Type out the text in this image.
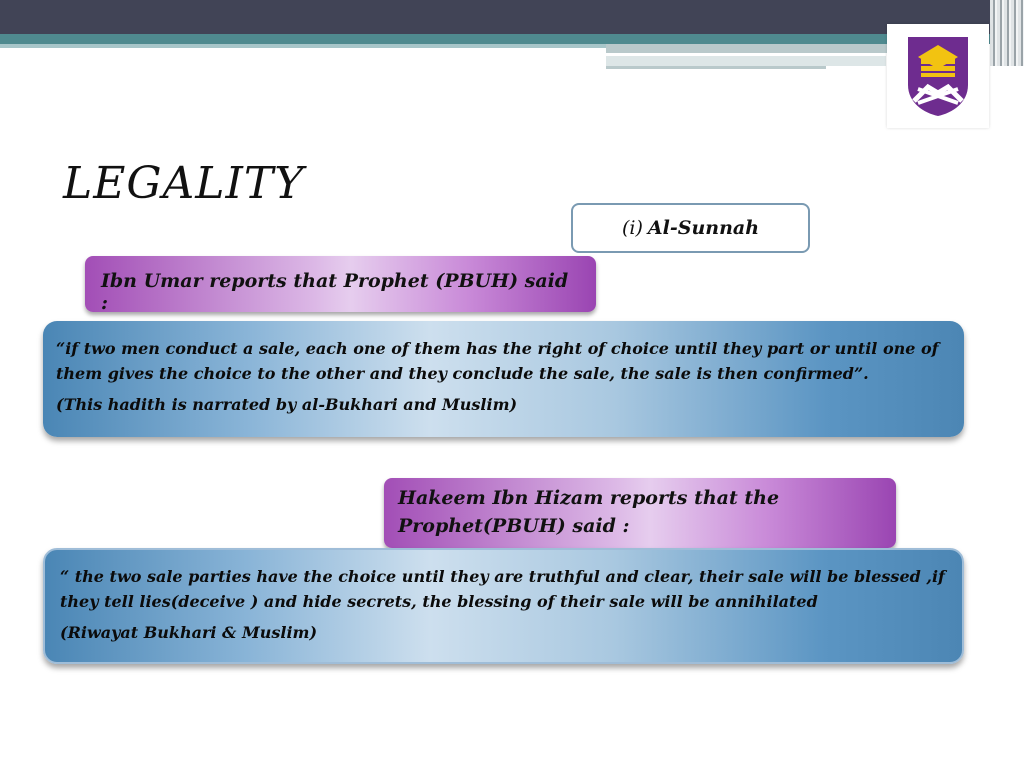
LEGALITY
(i) Al-Sunnah
Ibn Umar reports that Prophet (PBUH) said :

“if two men conduct a sale, each one of them has the right of choice until they part or until one of them gives the choice to the other and they conclude the sale, the sale is then confirmed”.

(This hadith is narrated by al-Bukhari and Muslim)

Hakeem Ibn Hizam reports that the Prophet(PBUH) said :

“ the two sale parties have the choice until they are truthful and clear, their sale will be blessed ,if they tell lies(deceive ) and hide secrets, the blessing of their sale will be annihilated

(Riwayat Bukhari & Muslim)
